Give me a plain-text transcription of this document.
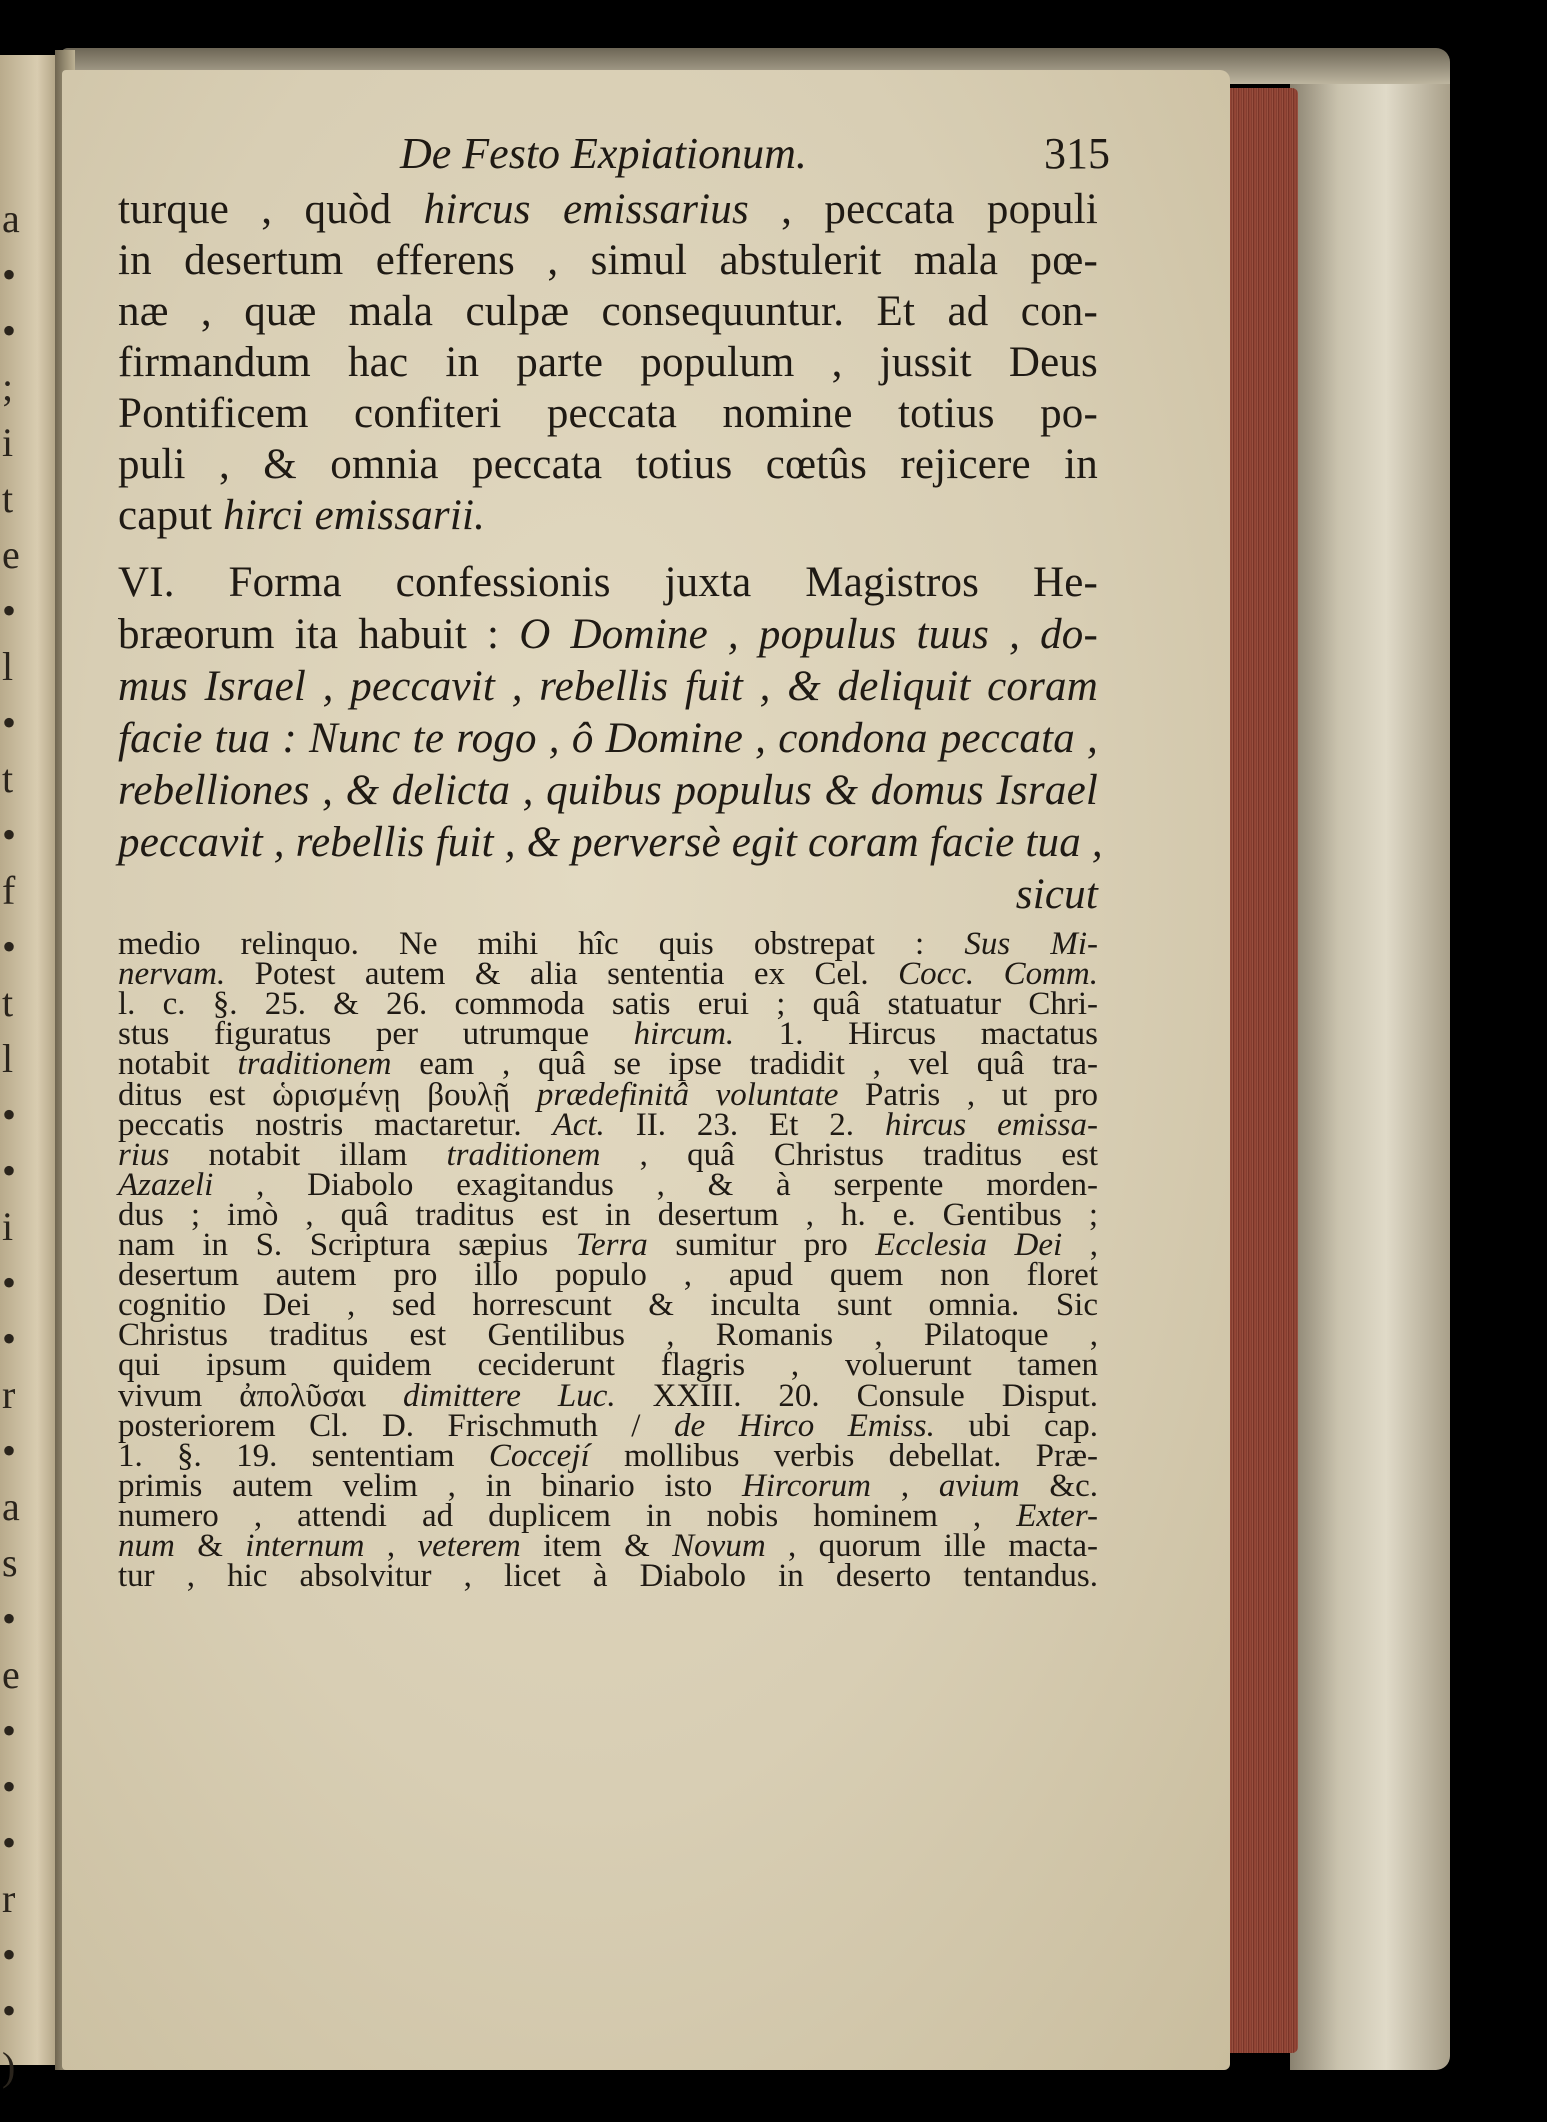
a
•
•
;
i
t
e
•
l
•
t
•
f
•
t
l
•
•
i
•
•
r
•
a
s
•
e
•
•
•
r
•
•
)
De Festo Expiationum.	315
turque , quòd hircus emissarius , peccata populi
in desertum efferens , simul abstulerit mala pœ-
næ , quæ mala culpæ consequuntur. Et ad con-
firmandum hac in parte populum , jussit Deus
Pontificem confiteri peccata nomine totius po-
puli , & omnia peccata totius cœtûs rejicere in
caput hirci emissarii.
VI. Forma confessionis juxta Magistros He-
bræorum ita habuit : O Domine , populus tuus , do-
mus Israel , peccavit , rebellis fuit , & deliquit coram
facie tua : Nunc te rogo , ô Domine , condona peccata ,
rebelliones , & delicta , quibus populus & domus Israel
peccavit , rebellis fuit , & perversè egit coram facie tua ,
sicut
medio relinquo. Ne mihi hîc quis obstrepat : Sus Mi-
nervam. Potest autem & alia sententia ex Cel. Cocc. Comm.
l. c. §. 25. & 26. commoda satis erui ; quâ statuatur Chri-
stus figuratus per utrumque hircum. 1. Hircus mactatus
notabit traditionem eam , quâ se ipse tradidit , vel quâ tra-
ditus est ὡρισμένῃ βουλῇ prædefinitâ voluntate Patris , ut pro
peccatis nostris mactaretur. Act. II. 23. Et 2. hircus emissa-
rius notabit illam traditionem , quâ Christus traditus est
Azazeli , Diabolo exagitandus , & à serpente morden-
dus ; imò , quâ traditus est in desertum , h. e. Gentibus ;
nam in S. Scriptura sæpius Terra sumitur pro Ecclesia Dei ,
desertum autem pro illo populo , apud quem non floret
cognitio Dei , sed horrescunt & inculta sunt omnia. Sic
Christus traditus est Gentilibus , Romanis , Pilatoque ,
qui ipsum quidem ceciderunt flagris , voluerunt tamen
vivum ἀπολῦσαι dimittere Luc. XXIII. 20. Consule Disput.
posteriorem Cl. D. Frischmuth / de Hirco Emiss. ubi cap.
1. §. 19. sententiam Coccejí mollibus verbis debellat. Præ-
primis autem velim , in binario isto Hircorum , avium &c.
numero , attendi ad duplicem in nobis hominem , Exter-
num & internum , veterem item & Novum , quorum ille macta-
tur , hic absolvitur , licet à Diabolo in deserto tentandus.
